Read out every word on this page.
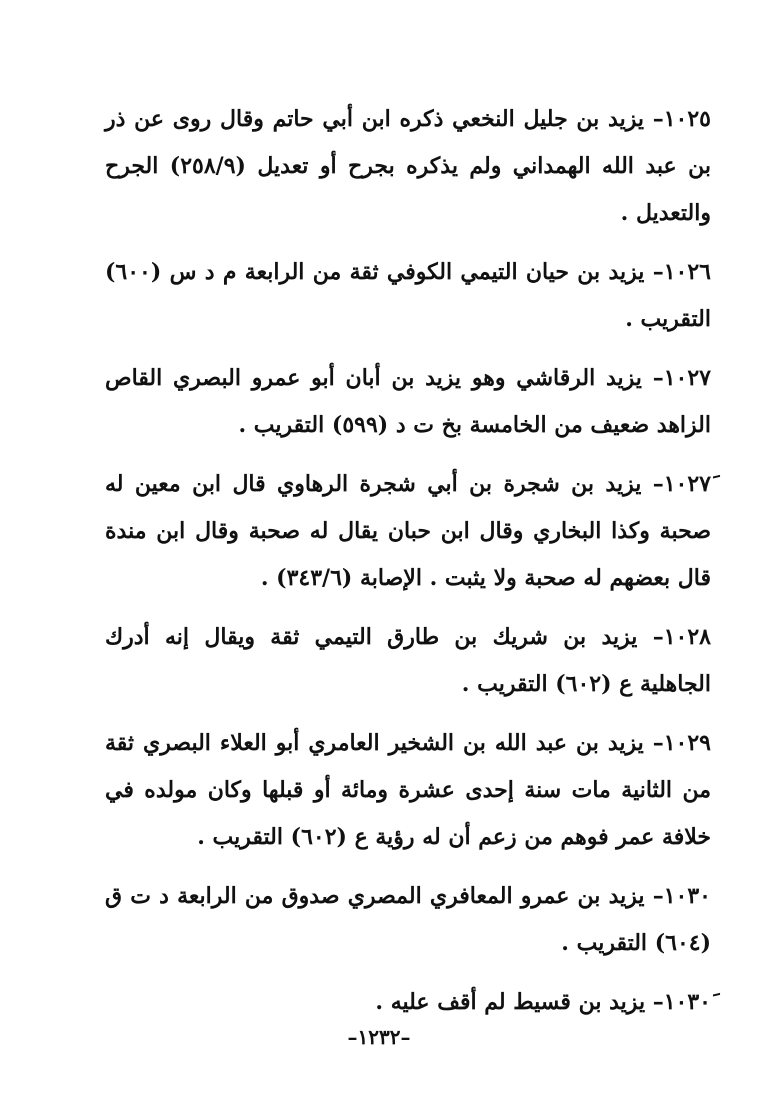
١٠٢٥– يزيد بن جليل النخعي ذكره ابن أبي حاتم وقال روى عن ذر بن عبد الله الهمداني ولم يذكره بجرح أو تعديل (٢٥٨/٩) الجرح والتعديل .

١٠٢٦– يزيد بن حيان التيمي الكوفي ثقة من الرابعة م د س (٦٠٠) التقريب .

١٠٢٧– يزيد الرقاشي وهو يزيد بن أبان أبو عمرو البصري القاص الزاهد ضعيف من الخامسة بخ ت د (٥٩٩) التقريب .

١٠٢٧َ– يزيد بن شجرة بن أبي شجرة الرهاوي قال ابن معين له صحبة وكذا البخاري وقال ابن حبان يقال له صحبة وقال ابن مندة قال بعضهم له صحبة ولا يثبت . الإصابة (٣٤٣/٦) .

١٠٢٨– يزيد بن شريك بن طارق التيمي ثقة ويقال إنه أدرك الجاهلية ع (٦٠٢) التقريب .

١٠٢٩– يزيد بن عبد الله بن الشخير العامري أبو العلاء البصري ثقة من الثانية مات سنة إحدى عشرة ومائة أو قبلها وكان مولده في خلافة عمر فوهم من زعم أن له رؤية ع (٦٠٢) التقريب .

١٠٣٠– يزيد بن عمرو المعافري المصري صدوق من الرابعة د ت ق (٦٠٤) التقريب .

١٠٣٠َ– يزيد بن قسيط لم أقف عليه .

–١٢٣٢–
